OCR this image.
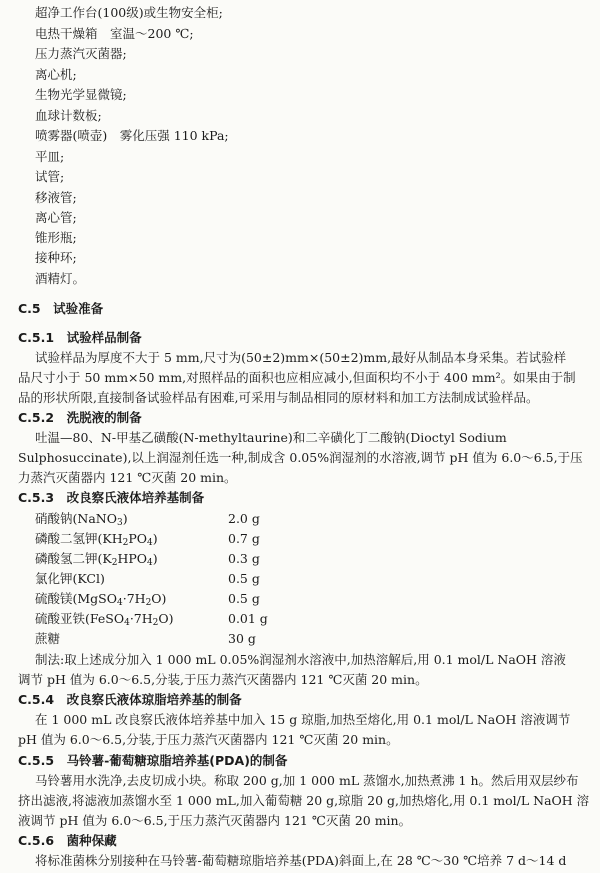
超净工作台(100级)或生物安全柜;
电热干燥箱　室温～200 ℃;
压力蒸汽灭菌器;
离心机;
生物光学显微镜;
血球计数板;
喷雾器(喷壶)　雾化压强 110 kPa;
平皿;
试管;
移液管;
离心管;
锥形瓶;
接种环;
酒精灯。
C.5　 试验准备
C.5.1　 试验样品制备
试验样品为厚度不大于 5 mm,尺寸为(50±2)mm×(50±2)mm,最好从制品本身采集。若试验样
品尺寸小于 50 mm×50 mm,对照样品的面积也应相应减小,但面积均不小于 400 mm²。如果由于制
品的形状所限,直接制备试验样品有困难,可采用与制品相同的原材料和加工方法制成试验样品。
C.5.2　 洗脱液的制备
吐温—80、N-甲基乙磺酸(N-methyltaurine)和二辛磺化丁二酸钠(Dioctyl Sodium
Sulphosuccinate),以上润湿剂任选一种,制成含 0.05%润湿剂的水溶液,调节 pH 值为 6.0～6.5,于压
力蒸汽灭菌器内 121 ℃灭菌 20 min。
C.5.3　 改良察氏液体培养基制备
硝酸钠(NaNO$_3$)	2.0 g
磷酸二氢钾$(KH_2PO_4)$	0.7 g
磷酸氢二钾$(K_2HPO_4)$	0.3 g
氯化钾(KCl)	0.5 g
硫酸镁$(MgSO_4\cdot 7H_2O)$	0.5 g
硫酸亚铁$(FeSO_4\cdot 7H_2O)$	0.01 g
蔗糖	30 g
制法:取上述成分加入 1 000 mL 0.05%润湿剂水溶液中,加热溶解后,用 0.1 mol/L NaOH 溶液
调节 pH 值为 6.0～6.5,分装,于压力蒸汽灭菌器内 121 ℃灭菌 20 min。
C.5.4　 改良察氏液体琼脂培养基的制备
在 1 000 mL 改良察氏液体培养基中加入 15 g 琼脂,加热至熔化,用 0.1 mol/L NaOH 溶液调节
pH 值为 6.0～6.5,分装,于压力蒸汽灭菌器内 121 ℃灭菌 20 min。
C.5.5　 马铃薯-葡萄糖琼脂培养基(PDA)的制备
马铃薯用水洗净,去皮切成小块。称取 200 g,加 1 000 mL 蒸馏水,加热煮沸 1 h。然后用双层纱布
挤出滤液,将滤液加蒸馏水至 1 000 mL,加入葡萄糖 20 g,琼脂 20 g,加热熔化,用 0.1 mol/L NaOH 溶
液调节 pH 值为 6.0～6.5,于压力蒸汽灭菌器内 121 ℃灭菌 20 min。
C.5.6　 菌种保藏
将标准菌株分别接种在马铃薯-葡萄糖琼脂培养基(PDA)斜面上,在 28 ℃～30 ℃培养 7 d～14 d
